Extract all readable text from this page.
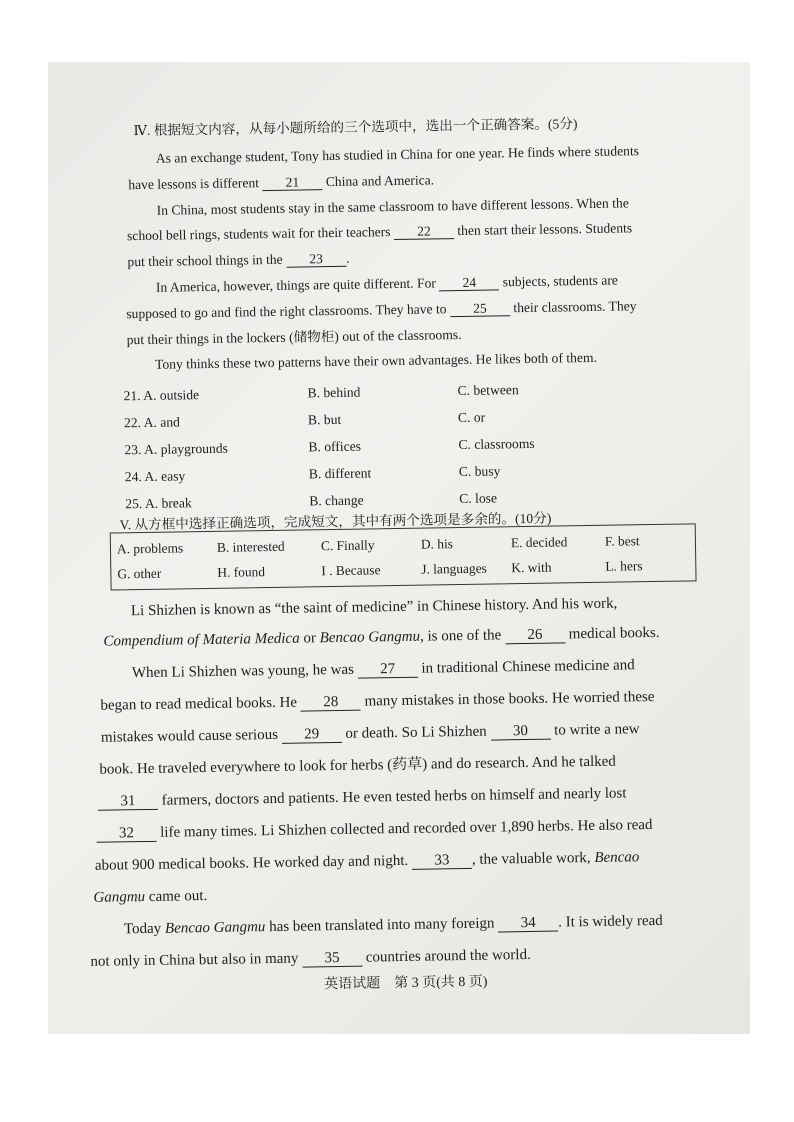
Ⅳ. 根据短文内容，从每小题所给的三个选项中，选出一个正确答案。(5分)
As an exchange student, Tony has studied in China for one year. He finds where students
have lessons is different 21 China and America.
In China, most students stay in the same classroom to have different lessons. When the
school bell rings, students wait for their teachers 22 then start their lessons. Students
put their school things in the 23 .
In America, however, things are quite different. For 24 subjects, students are
supposed to go and find the right classrooms. They have to 25 their classrooms. They
put their things in the lockers (储物柜) out of the classrooms.
Tony thinks these two patterns have their own advantages. He likes both of them.
21. A. outside	B. behind	C. between
22. A. and	B. but	C. or
23. A. playgrounds	B. offices	C. classrooms
24. A. easy	B. different	C. busy
25. A. break	B. change	C. lose
V. 从方框中选择正确选项，完成短文，其中有两个选项是多余的。(10分)
A. problems	B. interested	C. Finally	D. his	E. decided	F. best
G. other	H. found	I . Because	J. languages K. with	L. hers
Li Shizhen is known as “the saint of medicine” in Chinese history. And his work,
Compendium of Materia Medica or Bencao Gangmu, is one of the 26 medical books.
When Li Shizhen was young, he was 27 in traditional Chinese medicine and
began to read medical books. He 28 many mistakes in those books. He worried these
mistakes would cause serious 29 or death. So Li Shizhen 30 to write a new
book. He traveled everywhere to look for herbs (药草) and do research. And he talked
31 farmers, doctors and patients. He even tested herbs on himself and nearly lost
32 life many times. Li Shizhen collected and recorded over 1,890 herbs. He also read
about 900 medical books. He worked day and night. 33 , the valuable work, Bencao
Gangmu came out.
Today Bencao Gangmu has been translated into many foreign 34 . It is widely read
not only in China but also in many 35 countries around the world.
英语试题　第 3 页(共 8 页)
